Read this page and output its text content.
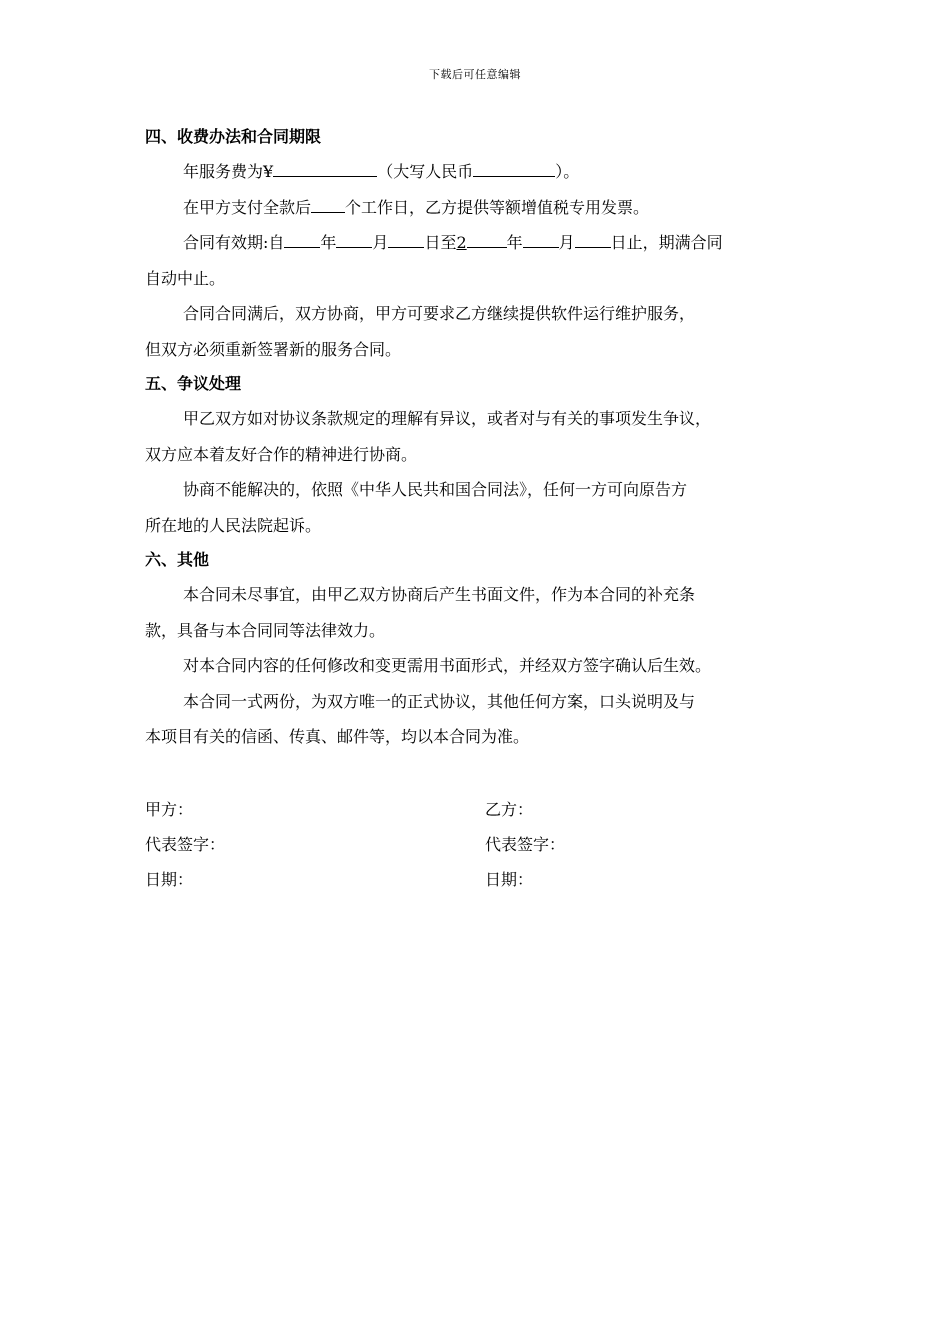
下载后可任意编辑
四、收费办法和合同期限
年服务费为¥	（大写人民币	）。
在甲方支付全款后 个工作日，乙方提供等额增值税专用发票。
合同有效期:自 年 月 日至2	年 月 日止，期满合同
自动中止。
合同合同满后，双方协商，甲方可要求乙方继续提供软件运行维护服务，
但双方必须重新签署新的服务合同。
五、争议处理
甲乙双方如对协议条款规定的理解有异议，或者对与有关的事项发生争议，
双方应本着友好合作的精神进行协商。
协商不能解决的，依照《中华人民共和国合同法》，任何一方可向原告方
所在地的人民法院起诉。
六、其他
本合同未尽事宜，由甲乙双方协商后产生书面文件，作为本合同的补充条
款，具备与本合同同等法律效力。
对本合同内容的任何修改和变更需用书面形式，并经双方签字确认后生效。
本合同一式两份，为双方唯一的正式协议，其他任何方案，口头说明及与
本项目有关的信函、传真、邮件等，均以本合同为准。
甲方：	乙方：
代表签字：	代表签字：
日期：	日期：
